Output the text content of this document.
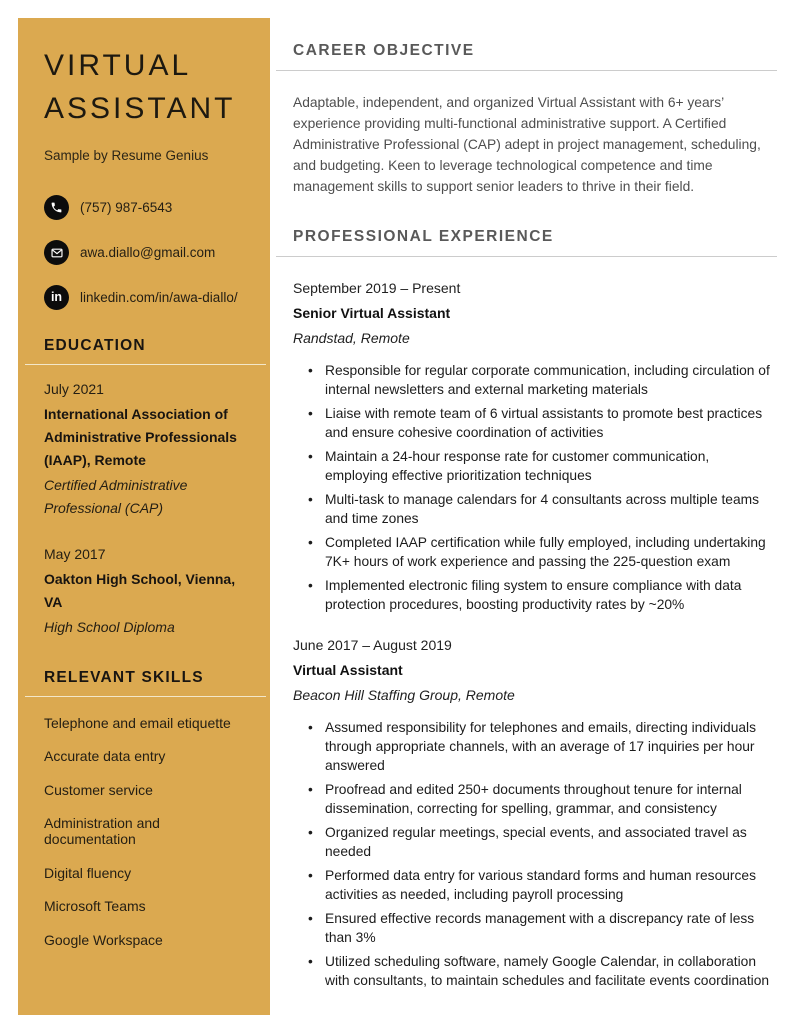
VIRTUAL
ASSISTANT
Sample by Resume Genius
(757) 987-6543
awa.diallo@gmail.com
in linkedin.com/in/awa-diallo/
EDUCATION
July 2021
International Association of Administrative Professionals (IAAP), Remote
Certified Administrative Professional (CAP)
May 2017
Oakton High School, Vienna, VA
High School Diploma
RELEVANT SKILLS
Telephone and email etiquette
Accurate data entry
Customer service
Administration and documentation
Digital fluency
Microsoft Teams
Google Workspace
CAREER OBJECTIVE

Adaptable, independent, and organized Virtual Assistant with 6+ years’ experience providing multi-functional administrative support. A Certified Administrative Professional (CAP) adept in project management, scheduling, and budgeting. Keen to leverage technological competence and time management skills to support senior leaders to thrive in their field.

PROFESSIONAL EXPERIENCE
September 2019 – Present
Senior Virtual Assistant
Randstad, Remote
• Responsible for regular corporate communication, including circulation of internal newsletters and external marketing materials
• Liaise with remote team of 6 virtual assistants to promote best practices and ensure cohesive coordination of activities
• Maintain a 24-hour response rate for customer communication, employing effective prioritization techniques
• Multi-task to manage calendars for 4 consultants across multiple teams and time zones
• Completed IAAP certification while fully employed, including undertaking 7K+ hours of work experience and passing the 225-question exam
• Implemented electronic filing system to ensure compliance with data protection procedures, boosting productivity rates by ~20%
June 2017 – August 2019
Virtual Assistant
Beacon Hill Staffing Group, Remote
• Assumed responsibility for telephones and emails, directing individuals through appropriate channels, with an average of 17 inquiries per hour answered
• Proofread and edited 250+ documents throughout tenure for internal dissemination, correcting for spelling, grammar, and consistency
• Organized regular meetings, special events, and associated travel as needed
• Performed data entry for various standard forms and human resources activities as needed, including payroll processing
• Ensured effective records management with a discrepancy rate of less than 3%
• Utilized scheduling software, namely Google Calendar, in collaboration with consultants, to maintain schedules and facilitate events coordination
